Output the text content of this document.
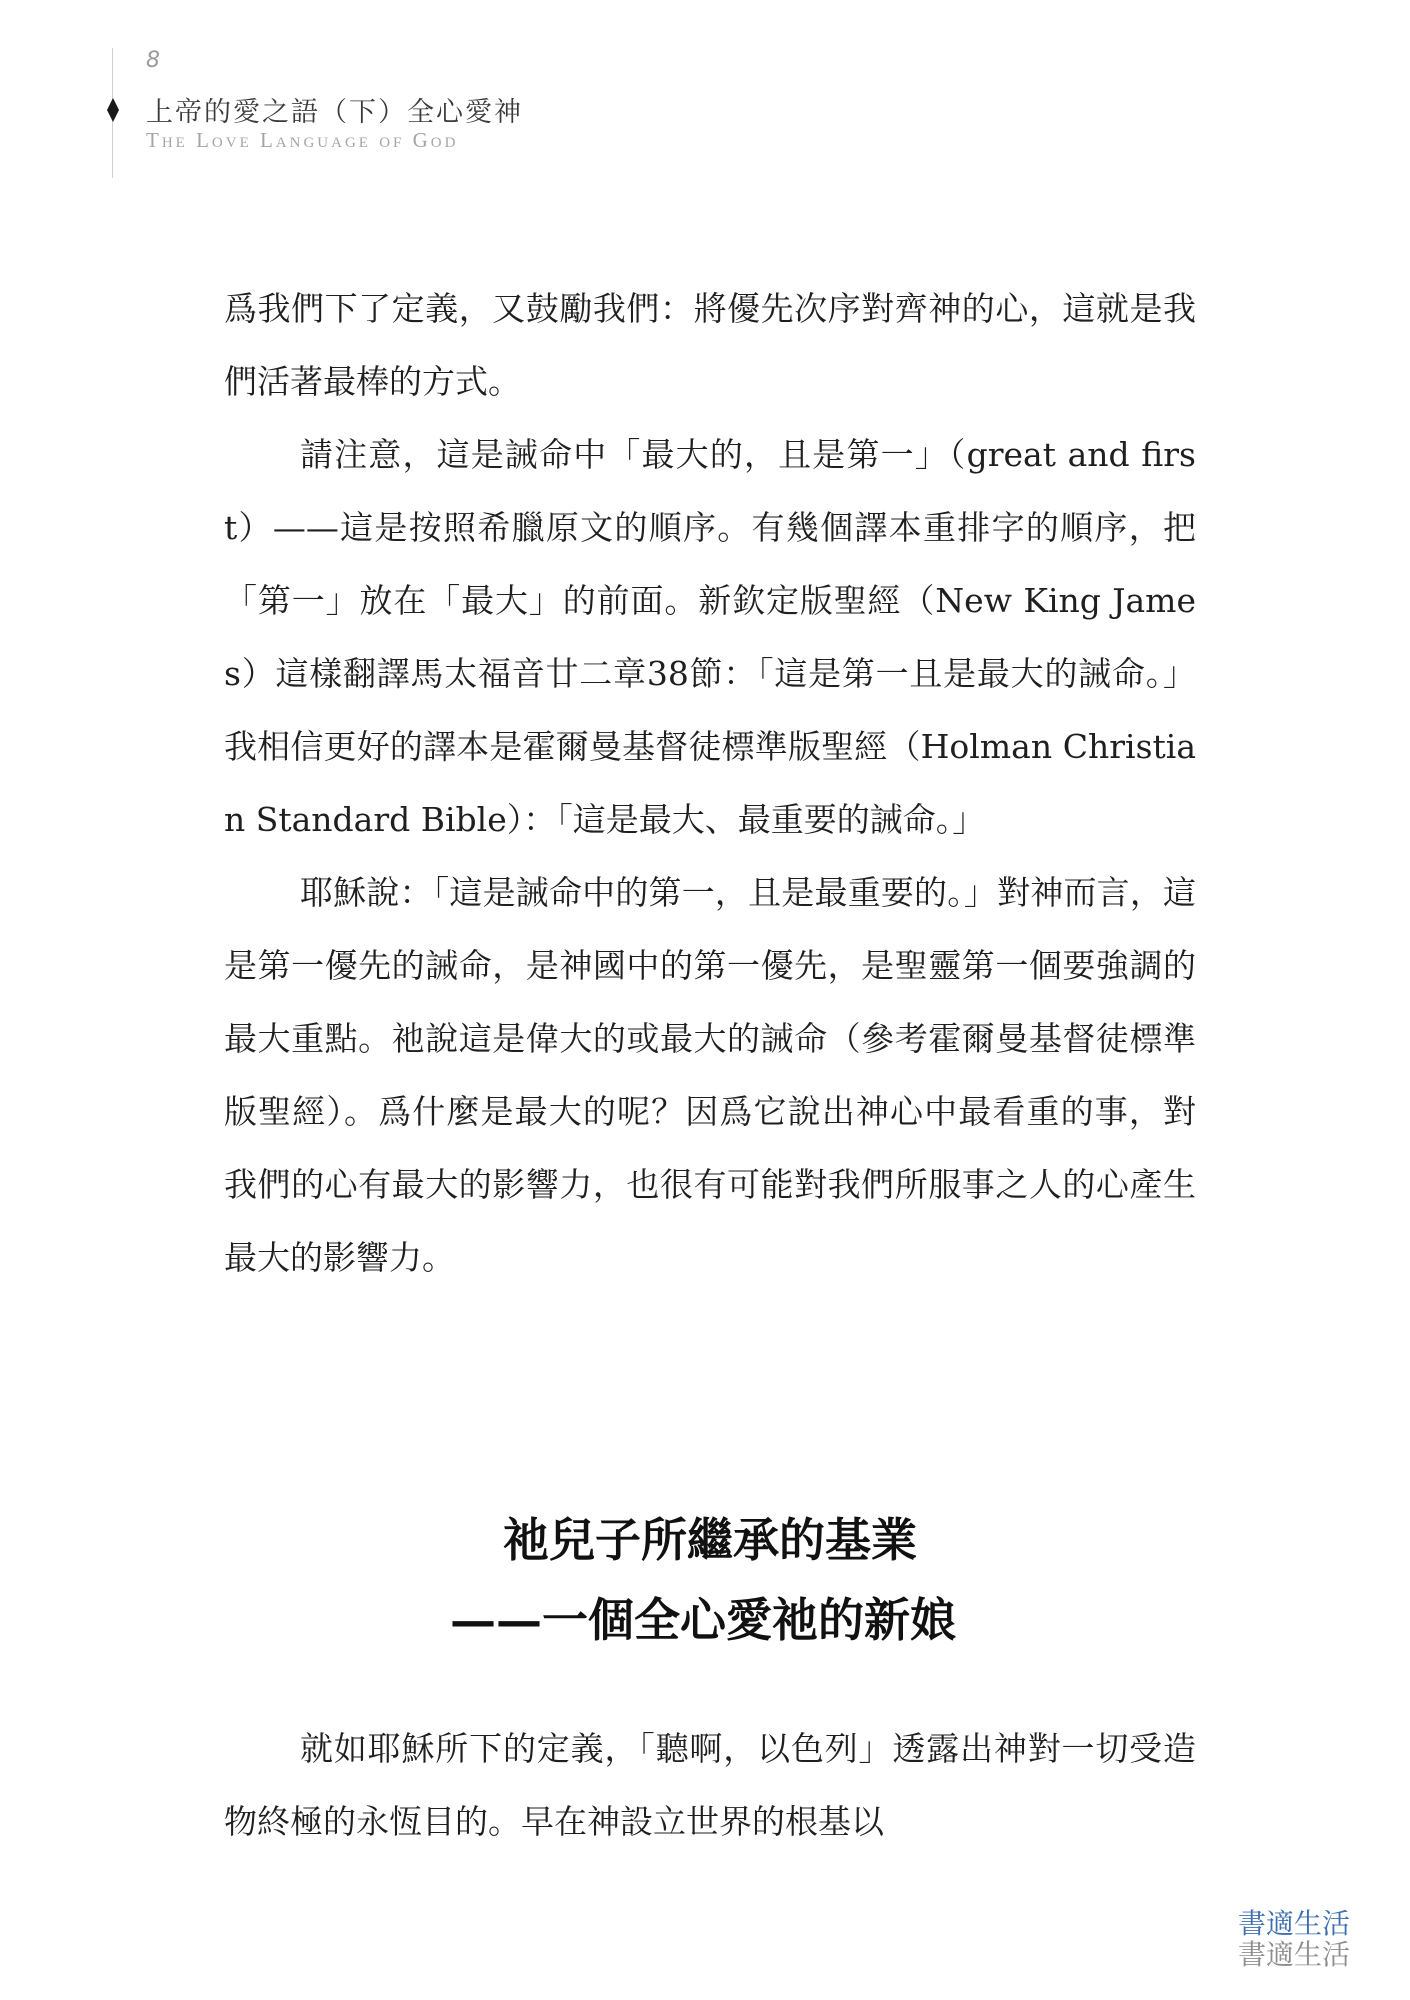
8
上帝的愛之語（下）全心愛神
The Love Language of God

爲我們下了定義，又鼓勵我們：將優先次序對齊神的心，這就是我們活著最棒的方式。

請注意，這是誡命中「最大的，且是第一」（great and first）——這是按照希臘原文的順序。有幾個譯本重排字的順序，把「第一」放在「最大」的前面。新欽定版聖經（New King James）這樣翻譯馬太福音廿二章38節：「這是第一且是最大的誡命。」我相信更好的譯本是霍爾曼基督徒標準版聖經（Holman Christian Standard Bible）：「這是最大、最重要的誡命。」

耶穌說：「這是誡命中的第一，且是最重要的。」對神而言，這是第一優先的誡命，是神國中的第一優先，是聖靈第一個要強調的最大重點。祂說這是偉大的或最大的誡命（參考霍爾曼基督徒標準版聖經）。爲什麼是最大的呢？因爲它說出神心中最看重的事，對我們的心有最大的影響力，也很有可能對我們所服事之人的心產生最大的影響力。

祂兒子所繼承的基業
——一個全心愛祂的新娘

就如耶穌所下的定義，「聽啊，以色列」透露出神對一切受造物終極的永恆目的。早在神設立世界的根基以

書適生活
書適生活
